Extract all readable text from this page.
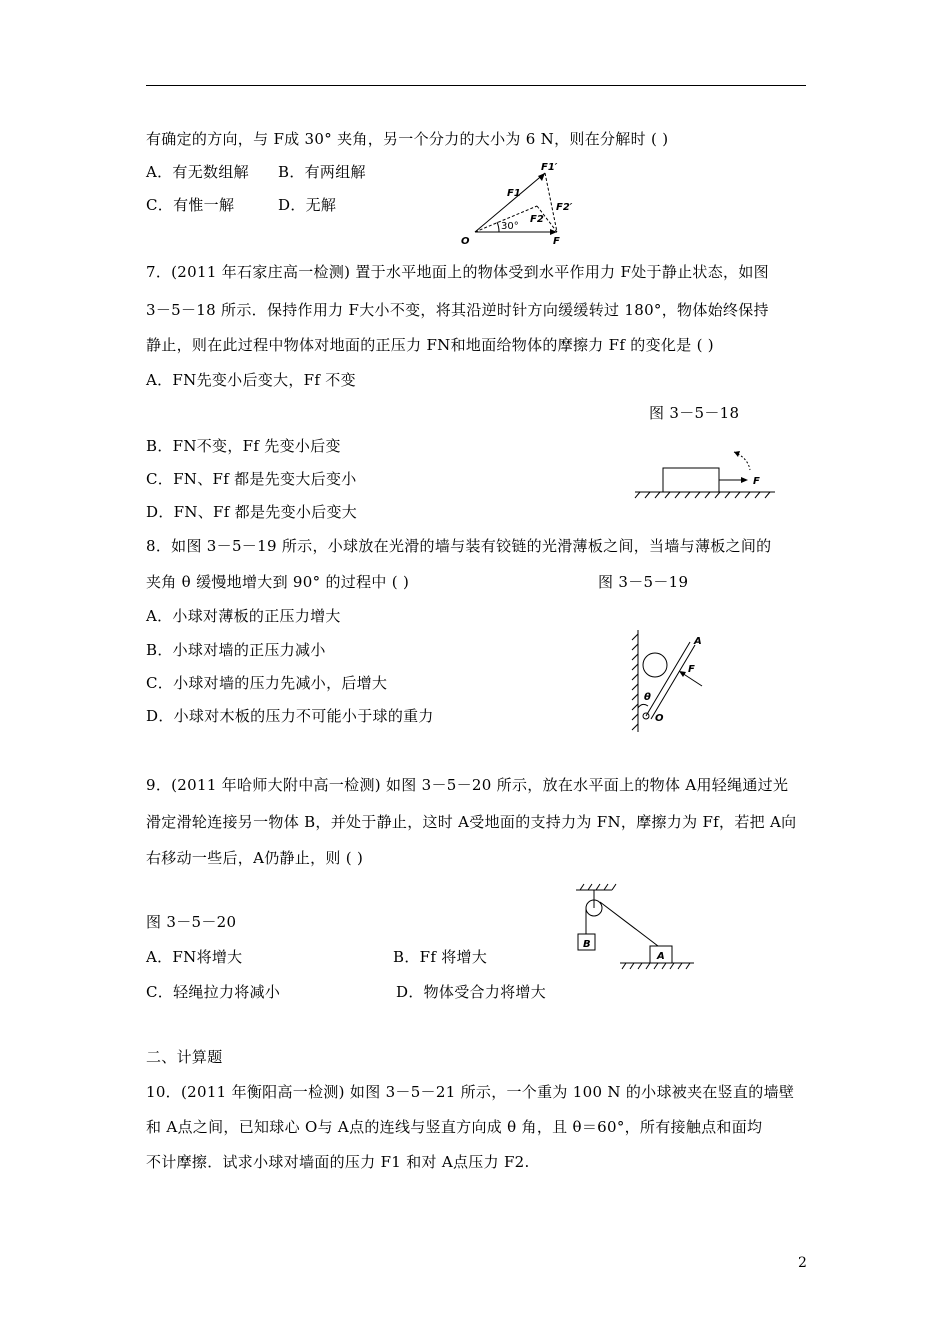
有确定的方向，与 F成 30° 夹角，另一个分力的大小为 6 N，则在分解时 ( )
A．有无数组解 B．有两组解
C．有惟一解	D．无解
F1′
F1
F2′
F2
30°
O	F
7．(2011 年石家庄高一检测) 置于水平地面上的物体受到水平作用力 F处于静止状态，如图
3－5－18 所示．保持作用力 F大小不变，将其沿逆时针方向缓缓转过 180°，物体始终保持
静止，则在此过程中物体对地面的正压力 FN和地面给物体的摩擦力 Ff 的变化是 ( )
A．FN先变小后变大，Ff 不变
图 3－5－18
B．FN不变，Ff 先变小后变
C．FN、Ff 都是先变大后变小
D．FN、Ff 都是先变小后变大
F
8．如图 3－5－19 所示，小球放在光滑的墙与装有铰链的光滑薄板之间，当墙与薄板之间的
夹角 θ 缓慢地增大到 90° 的过程中 ( )	图 3－5－19
A．小球对薄板的正压力增大
B．小球对墙的正压力减小
C．小球对墙的压力先减小，后增大
D．小球对木板的压力不可能小于球的重力
A
F
θ
O
9．(2011 年哈师大附中高一检测) 如图 3－5－20 所示，放在水平面上的物体 A用轻绳通过光
滑定滑轮连接另一物体 B，并处于静止，这时 A受地面的支持力为 FN，摩擦力为 Ff，若把 A向
右移动一些后，A仍静止，则 ( )
图 3－5－20
A．FN将增大	B．Ff 将增大
C．轻绳拉力将减小	D．物体受合力将增大
B
A
二、计算题
10．(2011 年衡阳高一检测) 如图 3－5－21 所示，一个重为 100 N 的小球被夹在竖直的墙壁
和 A点之间，已知球心 O与 A点的连线与竖直方向成 θ 角，且 θ＝60°，所有接触点和面均
不计摩擦．试求小球对墙面的压力 F1 和对 A点压力 F2.
2
